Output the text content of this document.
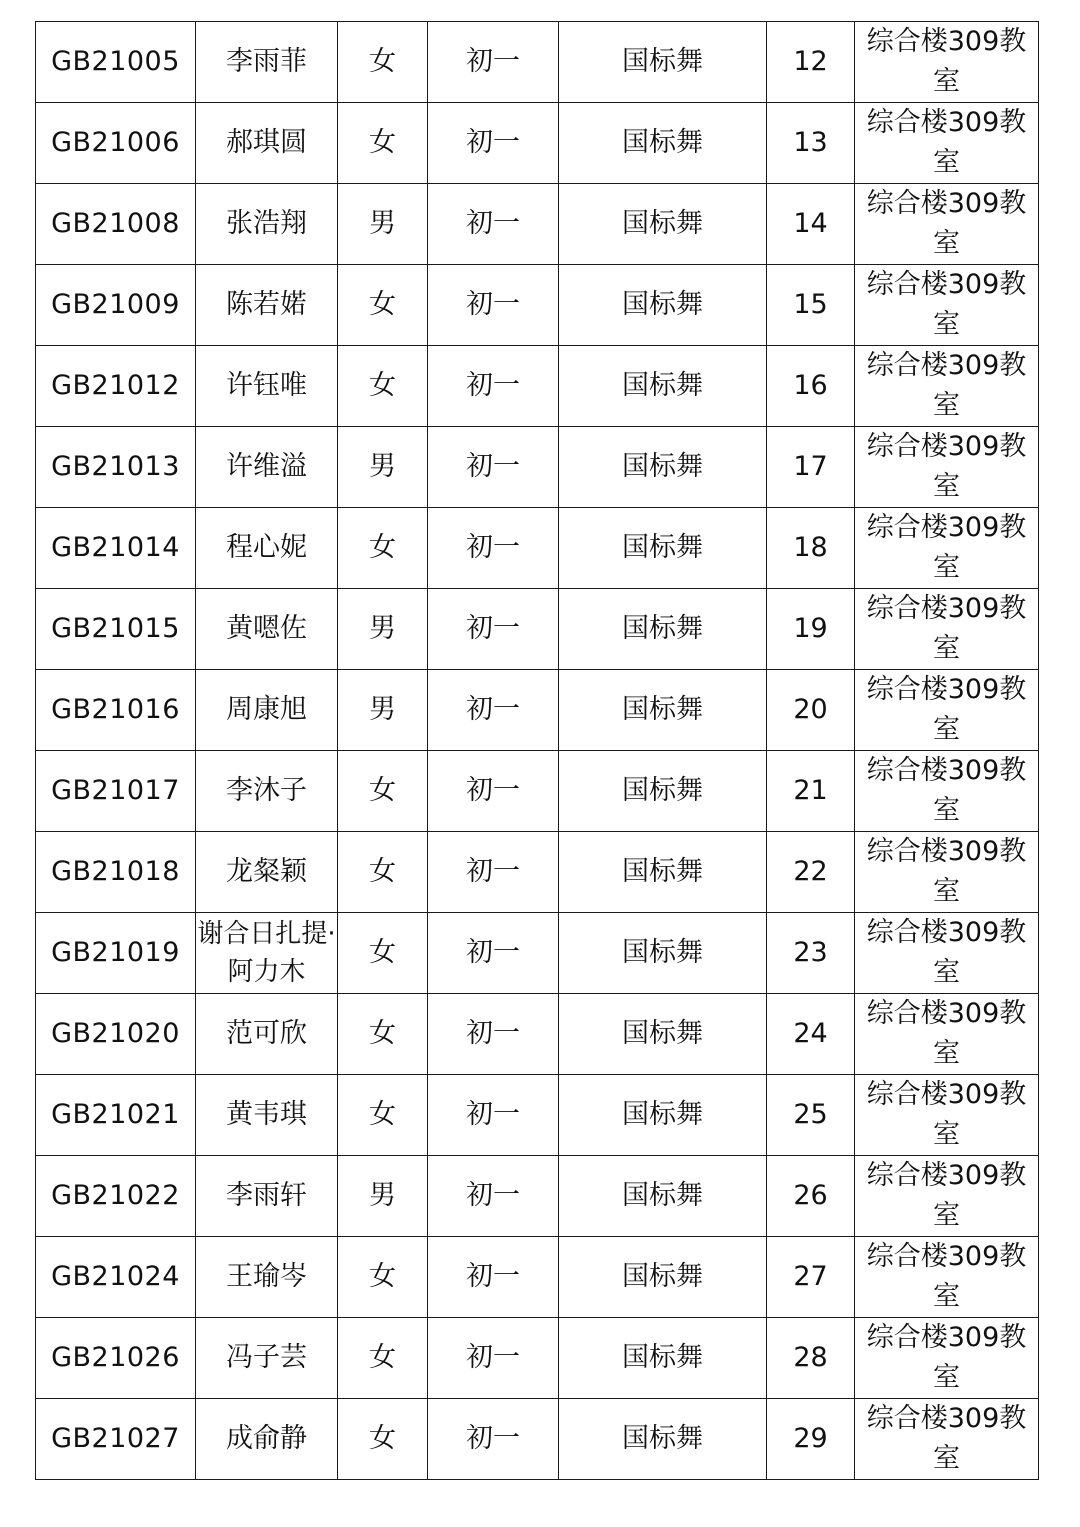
GB21005	李雨菲	女	初一	国标舞	12	综合楼309教室
GB21006	郝琪圆	女	初一	国标舞	13	综合楼309教室
GB21008	张浩翔	男	初一	国标舞	14	综合楼309教室
GB21009	陈若婼	女	初一	国标舞	15	综合楼309教室
GB21012	许钰唯	女	初一	国标舞	16	综合楼309教室
GB21013	许维溢	男	初一	国标舞	17	综合楼309教室
GB21014	程心妮	女	初一	国标舞	18	综合楼309教室
GB21015	黄嗯佐	男	初一	国标舞	19	综合楼309教室
GB21016	周康旭	男	初一	国标舞	20	综合楼309教室
GB21017	李沐子	女	初一	国标舞	21	综合楼309教室
GB21018	龙粲颖	女	初一	国标舞	22	综合楼309教室
GB21019	谢合日扎提·阿力木	女	初一	国标舞	23	综合楼309教室
GB21020	范可欣	女	初一	国标舞	24	综合楼309教室
GB21021	黄韦琪	女	初一	国标舞	25	综合楼309教室
GB21022	李雨轩	男	初一	国标舞	26	综合楼309教室
GB21024	王瑜岑	女	初一	国标舞	27	综合楼309教室
GB21026	冯子芸	女	初一	国标舞	28	综合楼309教室
GB21027	成俞静	女	初一	国标舞	29	综合楼309教室
